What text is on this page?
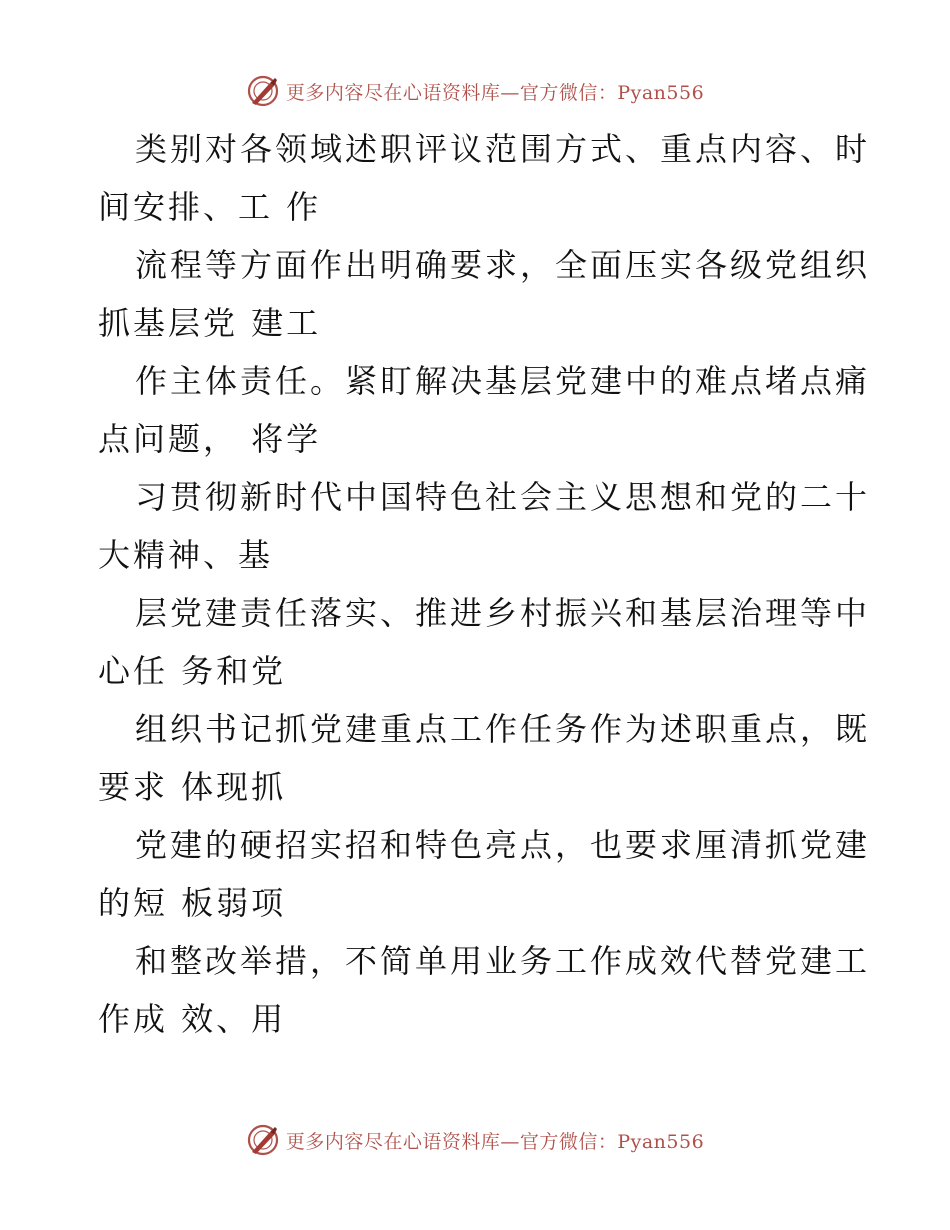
更多内容尽在心语资料库—官方微信：Pyan556
类别对各领域述职评议范围方式、重点内容、时
间安排、工 作
流程等方面作出明确要求，全面压实各级党组织
抓基层党 建工
作主体责任。紧盯解决基层党建中的难点堵点痛
点问题， 将学
习贯彻新时代中国特色社会主义思想和党的二十
大精神、基
层党建责任落实、推进乡村振兴和基层治理等中
心任 务和党
组织书记抓党建重点工作任务作为述职重点，既
要求 体现抓
党建的硬招实招和特色亮点，也要求厘清抓党建
的短 板弱项
和整改举措，不简单用业务工作成效代替党建工
作成 效、用
更多内容尽在心语资料库—官方微信：Pyan556
